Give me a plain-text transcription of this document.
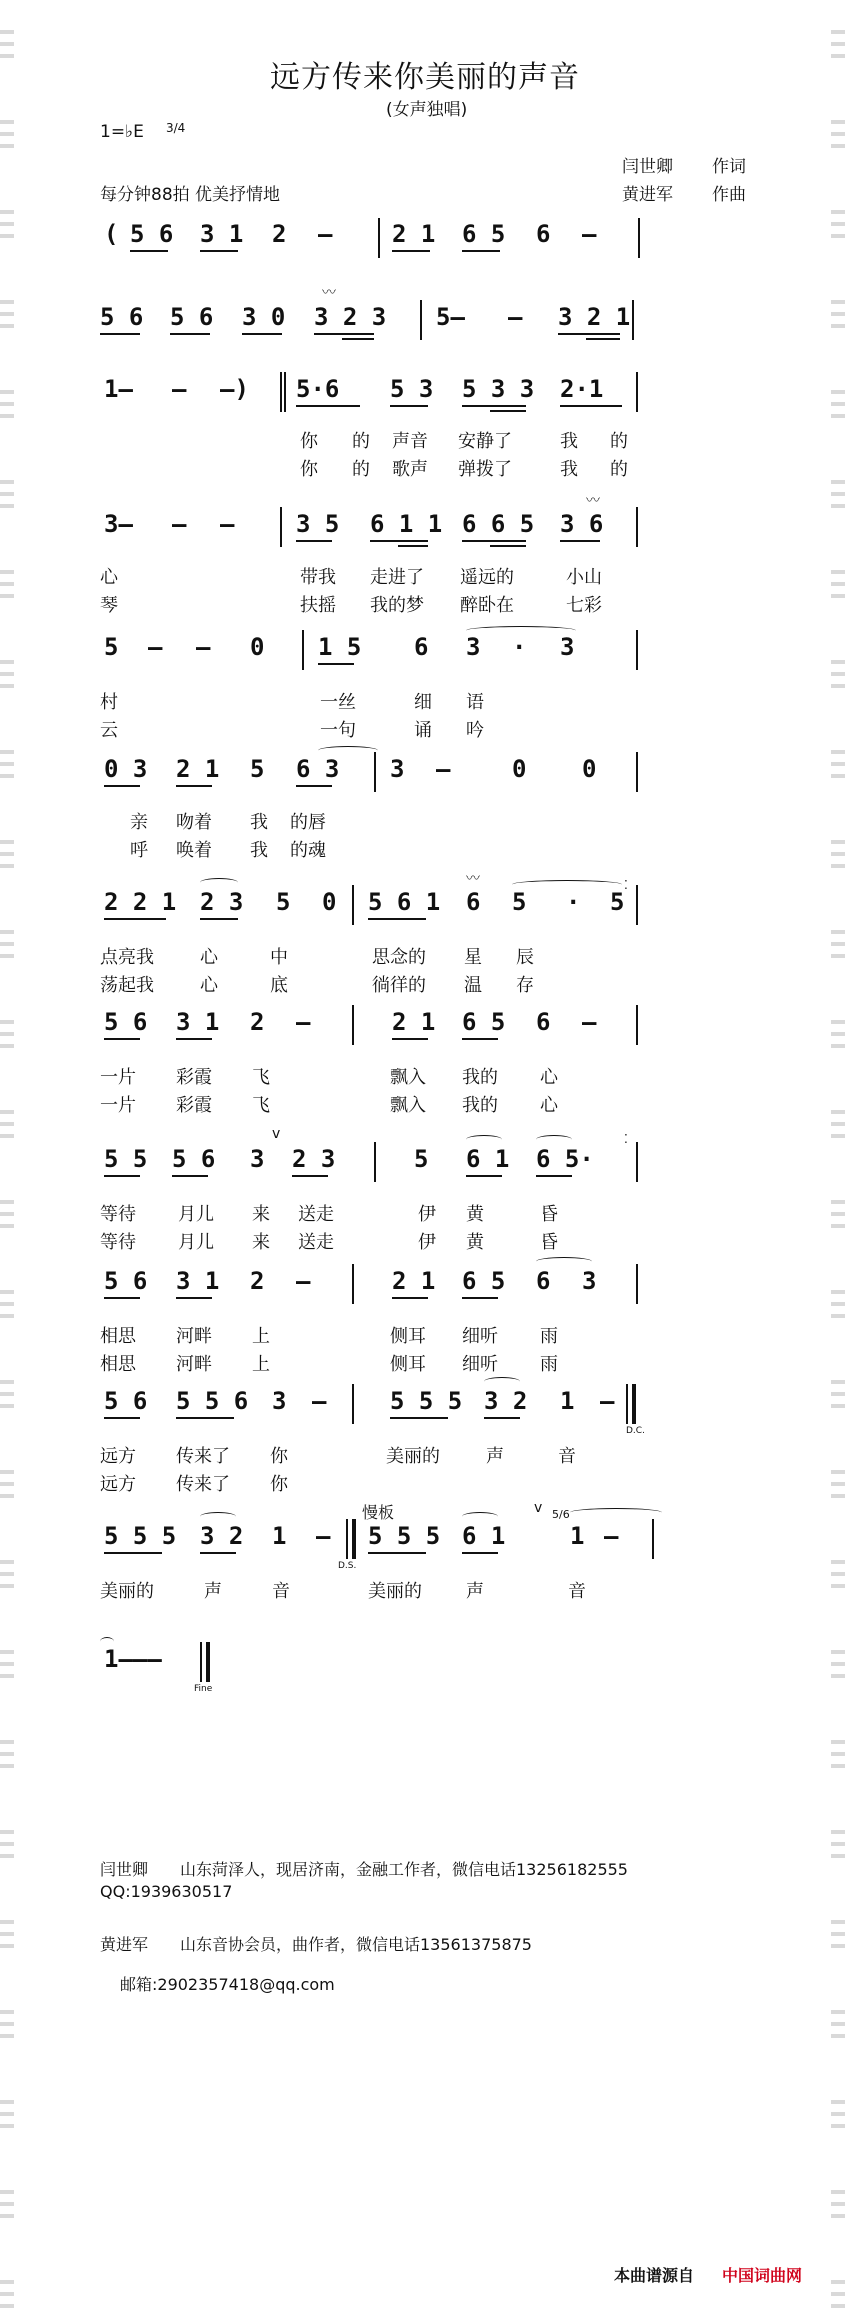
远方传来你美丽的声音
(女声独唱)
1=♭E 3/4
闫世卿 作词
每分钟88拍 优美抒情地	黄进军 作曲
( 5 6 3 1 2 — 2 1 6 5 6 —
5 6 5 6 3 0 3 2 3
〰
5— — 3 2 1
1— — —) 5·6 5 3 5 3 3 2·1
你 的 声音 安静了	我 的
你 的 歌声 弹拨了	我 的
3— — —	3 5 6 1 1 6 6 5 3 6
〰
心	带我 走进了 遥远的	小山
琴	扶摇 我的梦 醉卧在	七彩
5 — — 0 1 5 6 3 · 3
村	一丝	细 语
云	一句	诵 吟
0 3 2 1 5 6 3 3 —	0 0
亲 吻着 我 的唇
呼 唤着 我 的魂
2 2 1 2 3 5 0 5 6 1 6
〰
5 · 5
⁚
点亮我	心	中	思念的 星 辰
荡起我	心	底	徜徉的 温 存
5 6 3 1 2 —	2 1 6 5 6 —
一片 彩霞 飞	飘入 我的 心
一片 彩霞 飞	飘入 我的 心
5 5 5 6 3
v
2 3	5 6 1 6 5·
⁚
等待 月儿 来 送走	伊 黄	昏
等待 月儿 来 送走	伊 黄	昏
5 6 3 1 2 —	2 1 6 5 6 3
相思 河畔 上	侧耳 细听 雨
相思 河畔 上	侧耳 细听 雨
5 6 5 5 6 3 —	5 5 5 3 2 1 —
D.C.
远方 传来了 你	美丽的	声	音
远方 传来了 你
慢板
5 5 5 3 2 1 —
D.S.
5 5 5 6 1
v 5/6
1 —
美丽的	声	音	美丽的 声	音
1———
Fine
闫世卿 山东菏泽人，现居济南，金融工作者，微信电话13256182555
QQ:1939630517
黄进军 山东音协会员，曲作者，微信电话13561375875
邮箱:2902357418@qq.com
本曲谱源自 中国词曲网
